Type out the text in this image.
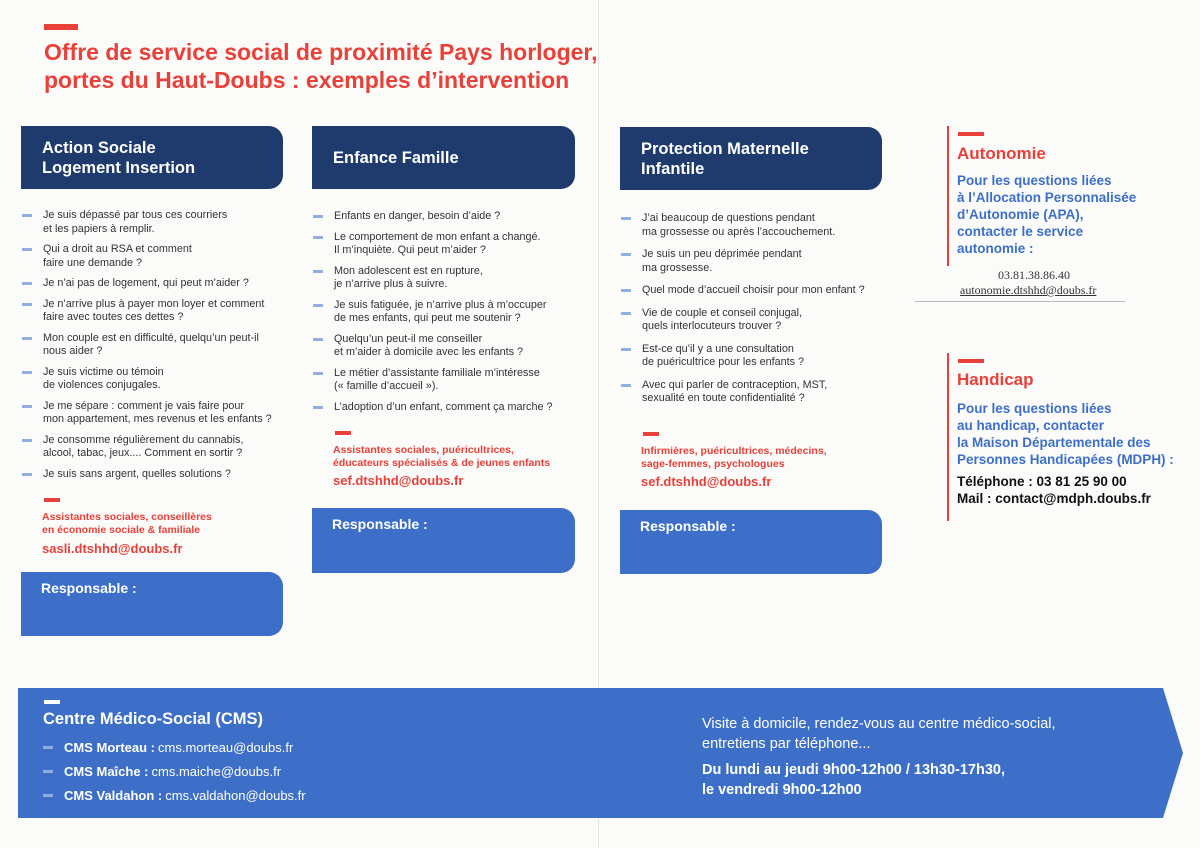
Offre de service social de proximité Pays horloger,
portes du Haut-Doubs : exemples d’intervention
Action Sociale
Logement Insertion
Je suis dépassé par tous ces courriers
et les papiers à remplir.
Qui a droit au RSA et comment
faire une demande ?
Je n’ai pas de logement, qui peut m’aider ?
Je n’arrive plus à payer mon loyer et comment
faire avec toutes ces dettes ?
Mon couple est en difficulté, quelqu’un peut-il
nous aider ?
Je suis victime ou témoin
de violences conjugales.
Je me sépare : comment je vais faire pour
mon appartement, mes revenus et les enfants ?
Je consomme régulièrement du cannabis,
alcool, tabac, jeux.... Comment en sortir ?
Je suis sans argent, quelles solutions ?
Assistantes sociales, conseillères
en économie sociale & familiale
sasli.dtshhd@doubs.fr
Responsable :
Enfance Famille
Enfants en danger, besoin d’aide ?
Le comportement de mon enfant a changé.
Il m’inquiète. Qui peut m’aider ?
Mon adolescent est en rupture,
je n’arrive plus à suivre.
Je suis fatiguée, je n’arrive plus à m’occuper
de mes enfants, qui peut me soutenir ?
Quelqu’un peut-il me conseiller
et m’aider à domicile avec les enfants ?
Le métier d’assistante familiale m’intéresse
(« famille d’accueil »).
L’adoption d’un enfant, comment ça marche ?
Assistantes sociales, puéricultrices,
éducateurs spécialisés & de jeunes enfants
sef.dtshhd@doubs.fr
Responsable :
Protection Maternelle
Infantile
J’ai beaucoup de questions pendant
ma grossesse ou après l’accouchement.
Je suis un peu déprimée pendant
ma grossesse.
Quel mode d’accueil choisir pour mon enfant ?
Vie de couple et conseil conjugal,
quels interlocuteurs trouver ?
Est-ce qu’il y a une consultation
de puéricultrice pour les enfants ?
Avec qui parler de contraception, MST,
sexualité en toute confidentialité ?
Infirmières, puéricultrices, médecins,
sage-femmes, psychologues
sef.dtshhd@doubs.fr
Responsable :
Autonomie
Pour les questions liées
à l’Allocation Personnalisée
d’Autonomie (APA),
contacter le service
autonomie :
03.81.38.86.40
autonomie.dtshhd@doubs.fr
Handicap
Pour les questions liées
au handicap, contacter
la Maison Départementale des
Personnes Handicapées (MDPH) :
Téléphone : 03 81 25 90 00
Mail : contact@mdph.doubs.fr
Centre Médico-Social (CMS)
CMS Morteau : cms.morteau@doubs.fr
CMS Maîche : cms.maiche@doubs.fr
CMS Valdahon : cms.valdahon@doubs.fr
Visite à domicile, rendez-vous au centre médico-social,
entretiens par téléphone...
Du lundi au jeudi 9h00-12h00 / 13h30-17h30,
le vendredi 9h00-12h00
